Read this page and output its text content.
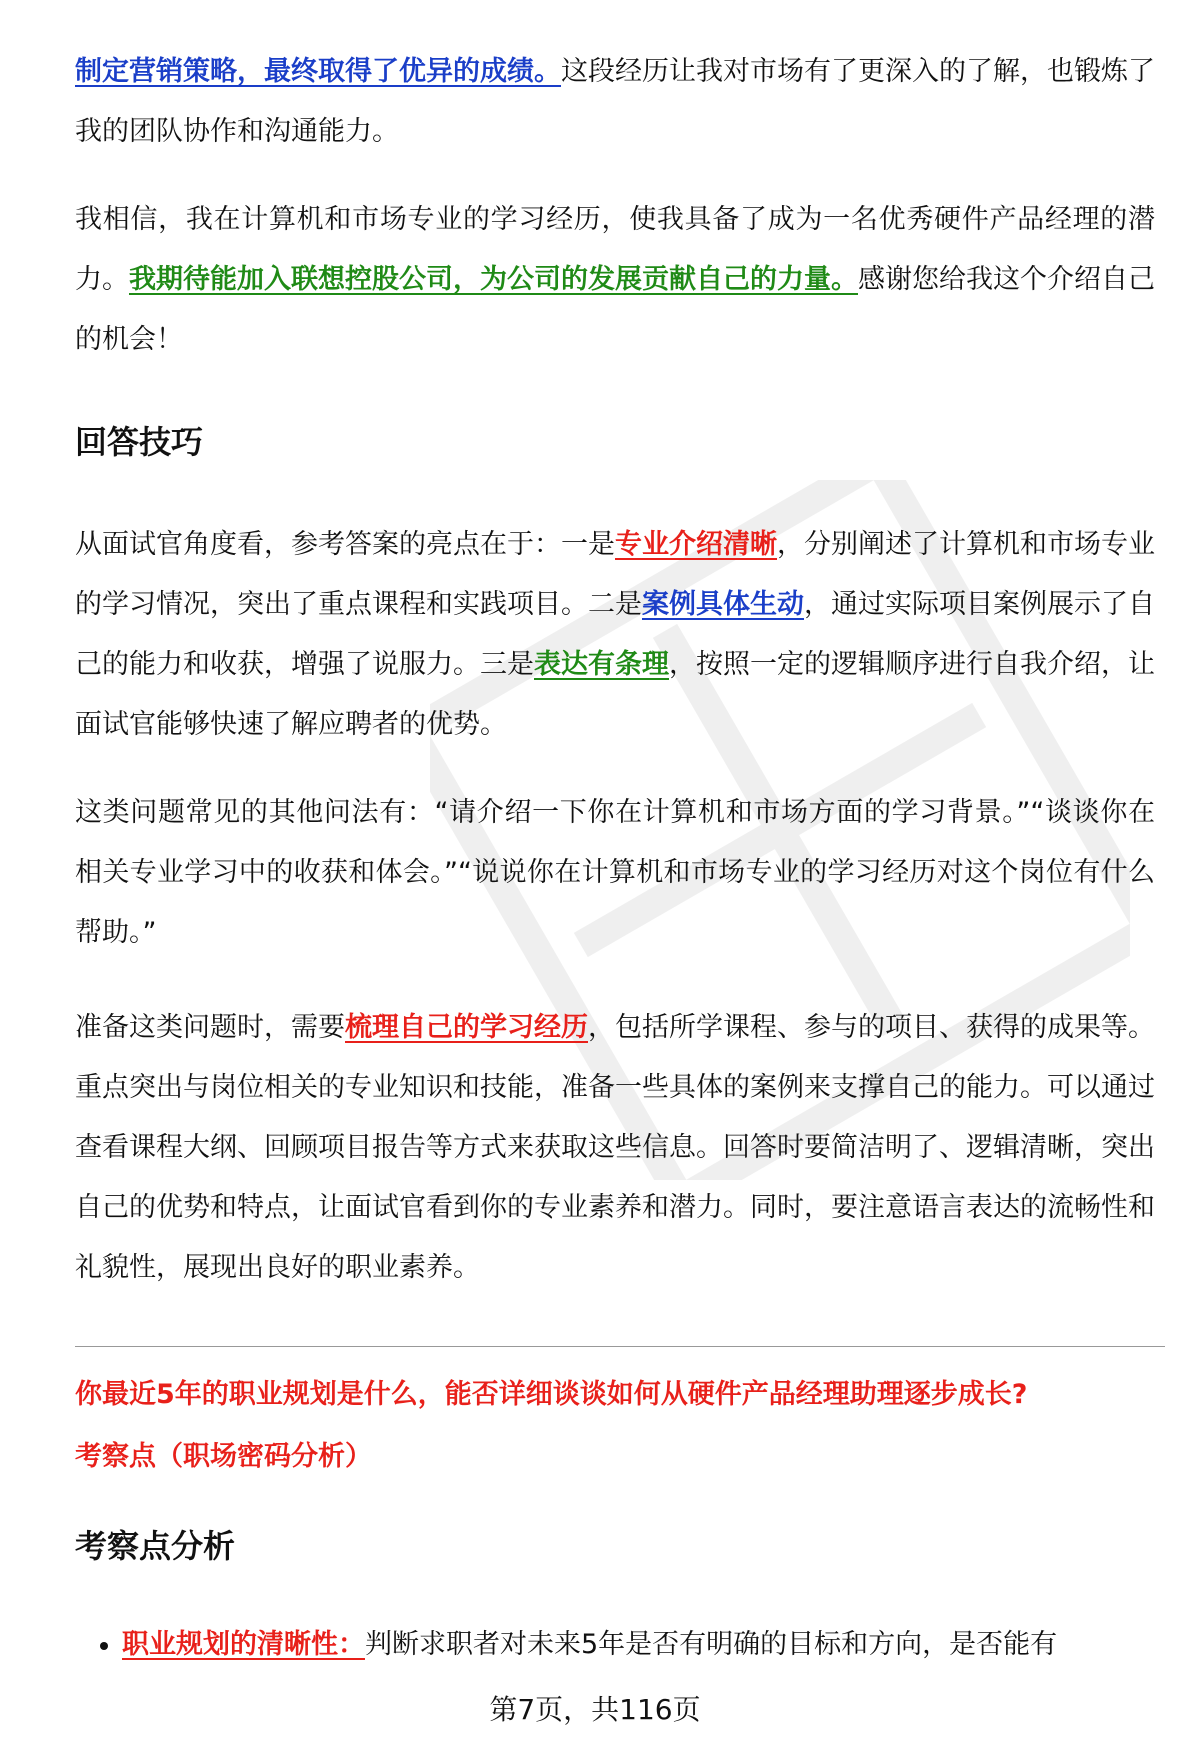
制定营销策略，最终取得了优异的成绩。这段经历让我对市场有了更深入的了解，也锻炼了我的团队协作和沟通能力。

我相信，我在计算机和市场专业的学习经历，使我具备了成为一名优秀硬件产品经理的潜力。我期待能加入联想控股公司，为公司的发展贡献自己的力量。感谢您给我这个介绍自己的机会！

回答技巧

从面试官角度看，参考答案的亮点在于：一是专业介绍清晰，分别阐述了计算机和市场专业的学习情况，突出了重点课程和实践项目。二是案例具体生动，通过实际项目案例展示了自己的能力和收获，增强了说服力。三是表达有条理，按照一定的逻辑顺序进行自我介绍，让面试官能够快速了解应聘者的优势。

这类问题常见的其他问法有：“请介绍一下你在计算机和市场方面的学习背景。”“谈谈你在相关专业学习中的收获和体会。”“说说你在计算机和市场专业的学习经历对这个岗位有什么帮助。”

准备这类问题时，需要梳理自己的学习经历，包括所学课程、参与的项目、获得的成果等。重点突出与岗位相关的专业知识和技能，准备一些具体的案例来支撑自己的能力。可以通过查看课程大纲、回顾项目报告等方式来获取这些信息。回答时要简洁明了、逻辑清晰，突出自己的优势和特点，让面试官看到你的专业素养和潜力。同时，要注意语言表达的流畅性和礼貌性，展现出良好的职业素养。

你最近5年的职业规划是什么，能否详细谈谈如何从硬件产品经理助理逐步成长?

考察点（职场密码分析）

考察点分析
职业规划的清晰性：判断求职者对未来5年是否有明确的目标和方向，是否能有
第7页，共116页
